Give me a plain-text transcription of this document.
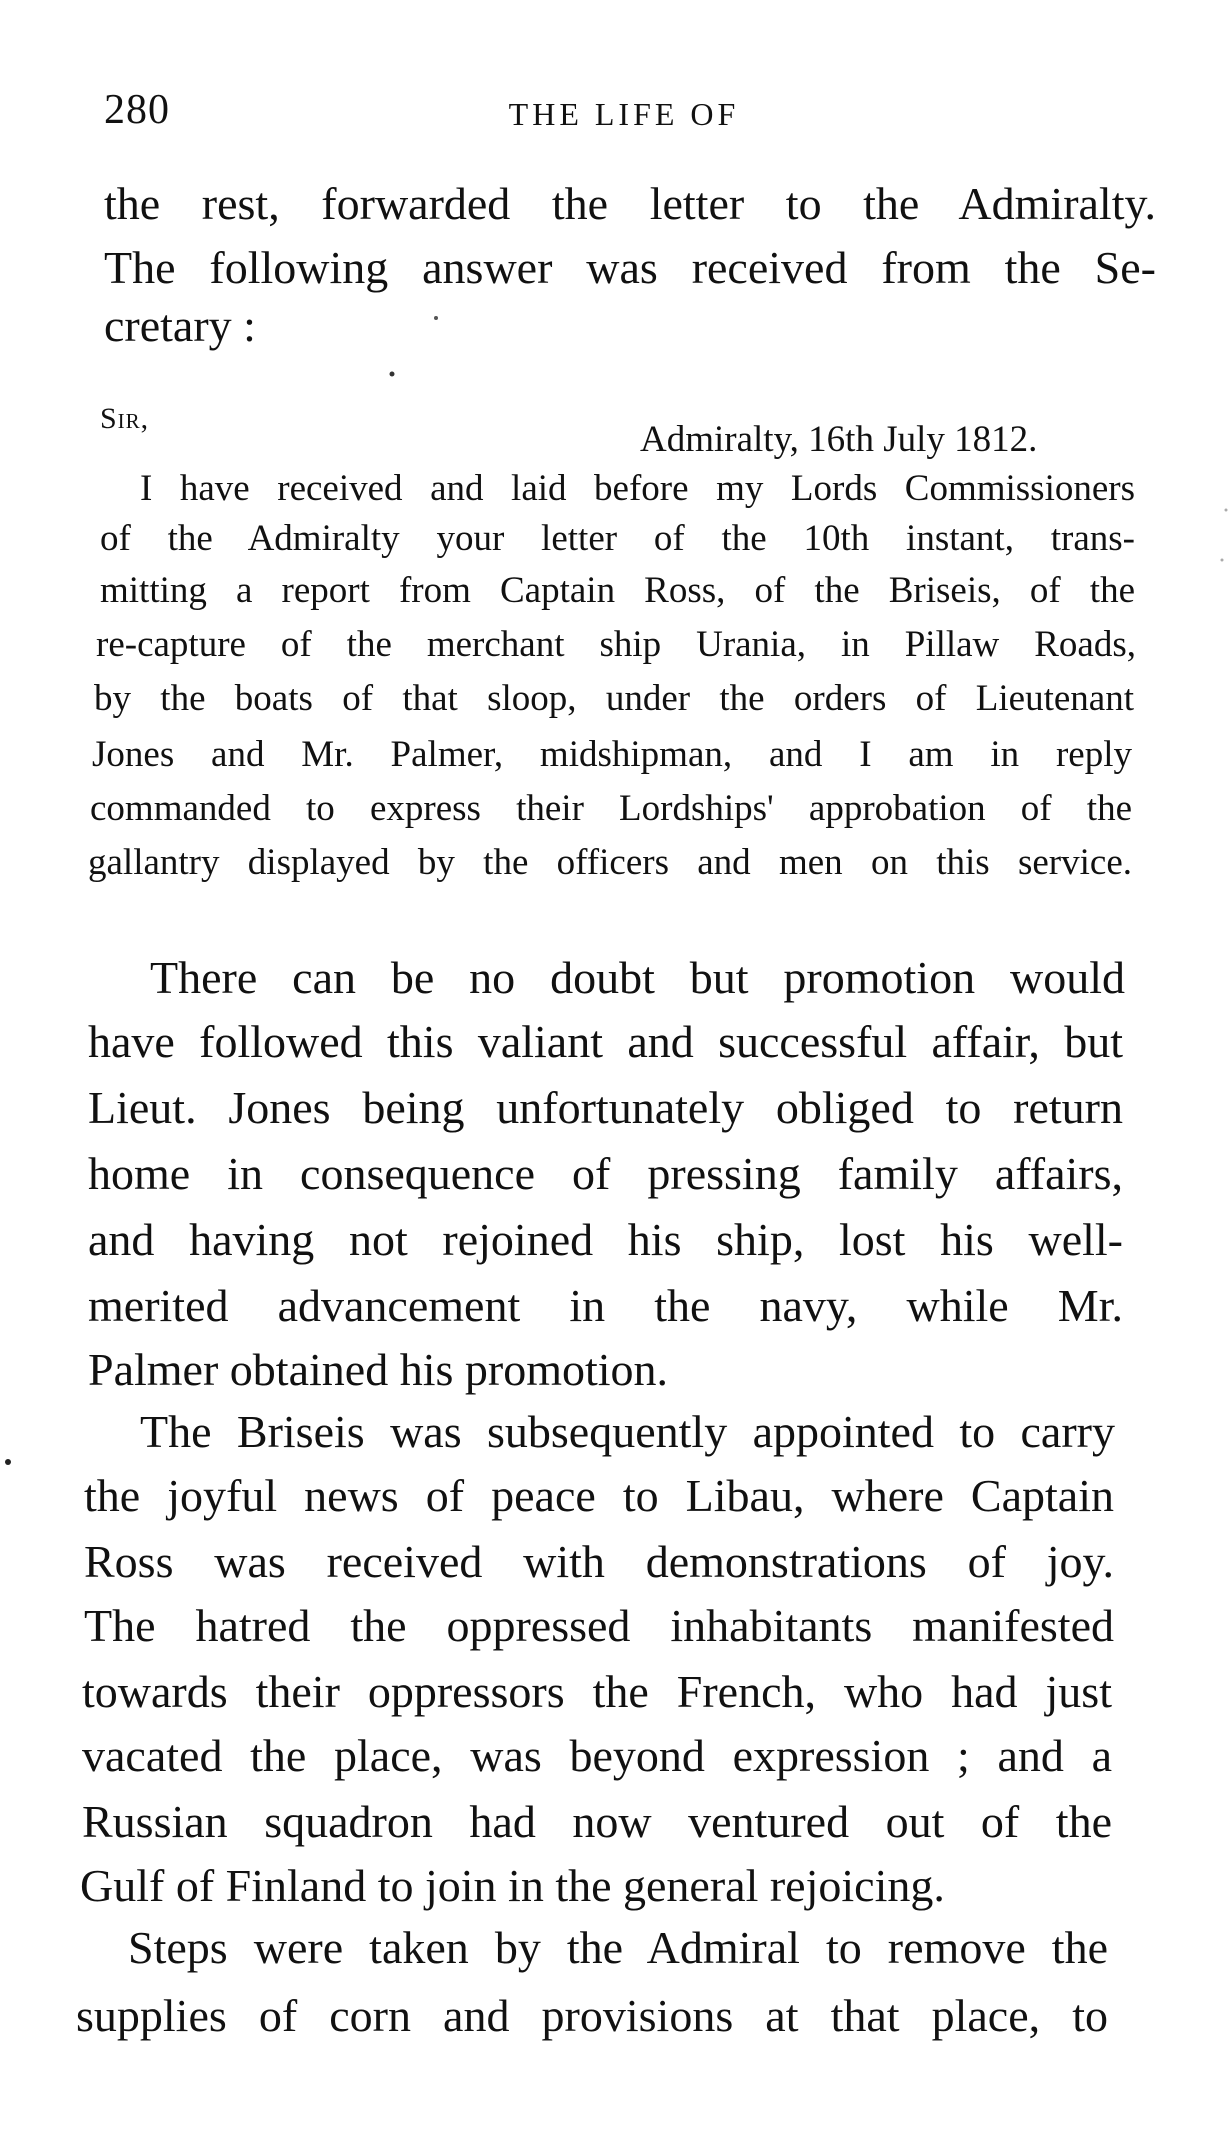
280	THE LIFE OF
the rest, forwarded the letter to the Admiralty.
The following answer was received from the Se-
cretary :
Sir,
Admiralty, 16th July 1812.
I have received and laid before my Lords Commissioners
of the Admiralty your letter of the 10th instant, trans-
mitting a report from Captain Ross, of the Briseis, of the
re-capture of the merchant ship Urania, in Pillaw Roads,
by the boats of that sloop, under the orders of Lieutenant
Jones and Mr. Palmer, midshipman, and I am in reply
commanded to express their Lordships' approbation of the
gallantry displayed by the officers and men on this service.
There can be no doubt but promotion would
have followed this valiant and successful affair, but
Lieut. Jones being unfortunately obliged to return
home in consequence of pressing family affairs,
and having not rejoined his ship, lost his well-
merited advancement in the navy, while Mr.
Palmer obtained his promotion.
The Briseis was subsequently appointed to carry
the joyful news of peace to Libau, where Captain
Ross was received with demonstrations of joy.
The hatred the oppressed inhabitants manifested
towards their oppressors the French, who had just
vacated the place, was beyond expression ; and a
Russian squadron had now ventured out of the
Gulf of Finland to join in the general rejoicing.
Steps were taken by the Admiral to remove the
supplies of corn and provisions at that place, to
